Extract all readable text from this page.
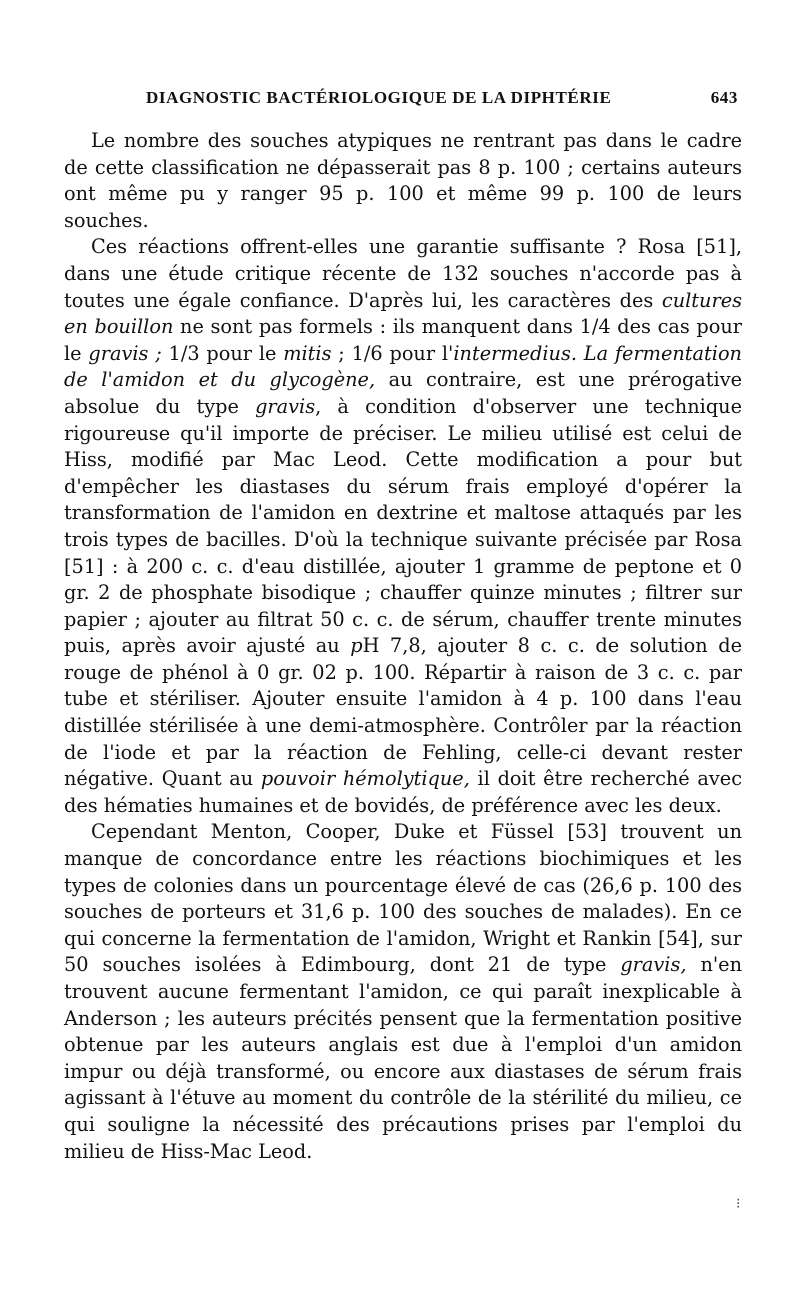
DIAGNOSTIC BACTÉRIOLOGIQUE DE LA DIPHTÉRIE	643

Le nombre des souches atypiques ne rentrant pas dans le cadre de cette classification ne dépasserait pas 8 p. 100 ; certains auteurs ont même pu y ranger 95 p. 100 et même 99 p. 100 de leurs souches.

Ces réactions offrent-elles une garantie suffisante ? Rosa [51], dans une étude critique récente de 132 souches n'accorde pas à toutes une égale confiance. D'après lui, les caractères des cultures en bouillon ne sont pas formels : ils manquent dans 1/4 des cas pour le gravis ; 1/3 pour le mitis ; 1/6 pour l'intermedius. La fermentation de l'amidon et du glycogène, au contraire, est une prérogative absolue du type gravis, à condition d'observer une technique rigoureuse qu'il importe de préciser. Le milieu utilisé est celui de Hiss, modifié par Mac Leod. Cette modification a pour but d'empêcher les diastases du sérum frais employé d'opérer la transformation de l'amidon en dextrine et maltose attaqués par les trois types de bacilles. D'où la technique suivante précisée par Rosa [51] : à 200 c. c. d'eau distillée, ajouter 1 gramme de peptone et 0 gr. 2 de phosphate bisodique ; chauffer quinze minutes ; filtrer sur papier ; ajouter au filtrat 50 c. c. de sérum, chauffer trente minutes puis, après avoir ajusté au pH 7,8, ajouter 8 c. c. de solution de rouge de phénol à 0 gr. 02 p. 100. Répartir à raison de 3 c. c. par tube et stériliser. Ajouter ensuite l'amidon à 4 p. 100 dans l'eau distillée stérilisée à une demi-atmosphère. Contrôler par la réaction de l'iode et par la réaction de Fehling, celle-ci devant rester négative. Quant au pouvoir hémolytique, il doit être recherché avec des hématies humaines et de bovidés, de préférence avec les deux.

Cependant Menton, Cooper, Duke et Füssel [53] trouvent un manque de concordance entre les réactions biochimiques et les types de colonies dans un pourcentage élevé de cas (26,6 p. 100 des souches de porteurs et 31,6 p. 100 des souches de malades). En ce qui concerne la fermentation de l'amidon, Wright et Rankin [54], sur 50 souches isolées à Edimbourg, dont 21 de type gravis, n'en trouvent aucune fermentant l'amidon, ce qui paraît inexplicable à Anderson ; les auteurs précités pensent que la fermentation positive obtenue par les auteurs anglais est due à l'emploi d'un amidon impur ou déjà transformé, ou encore aux diastases de sérum frais agissant à l'étuve au moment du contrôle de la stérilité du milieu, ce qui souligne la nécessité des précautions prises par l'emploi du milieu de Hiss-Mac Leod.

⁝
